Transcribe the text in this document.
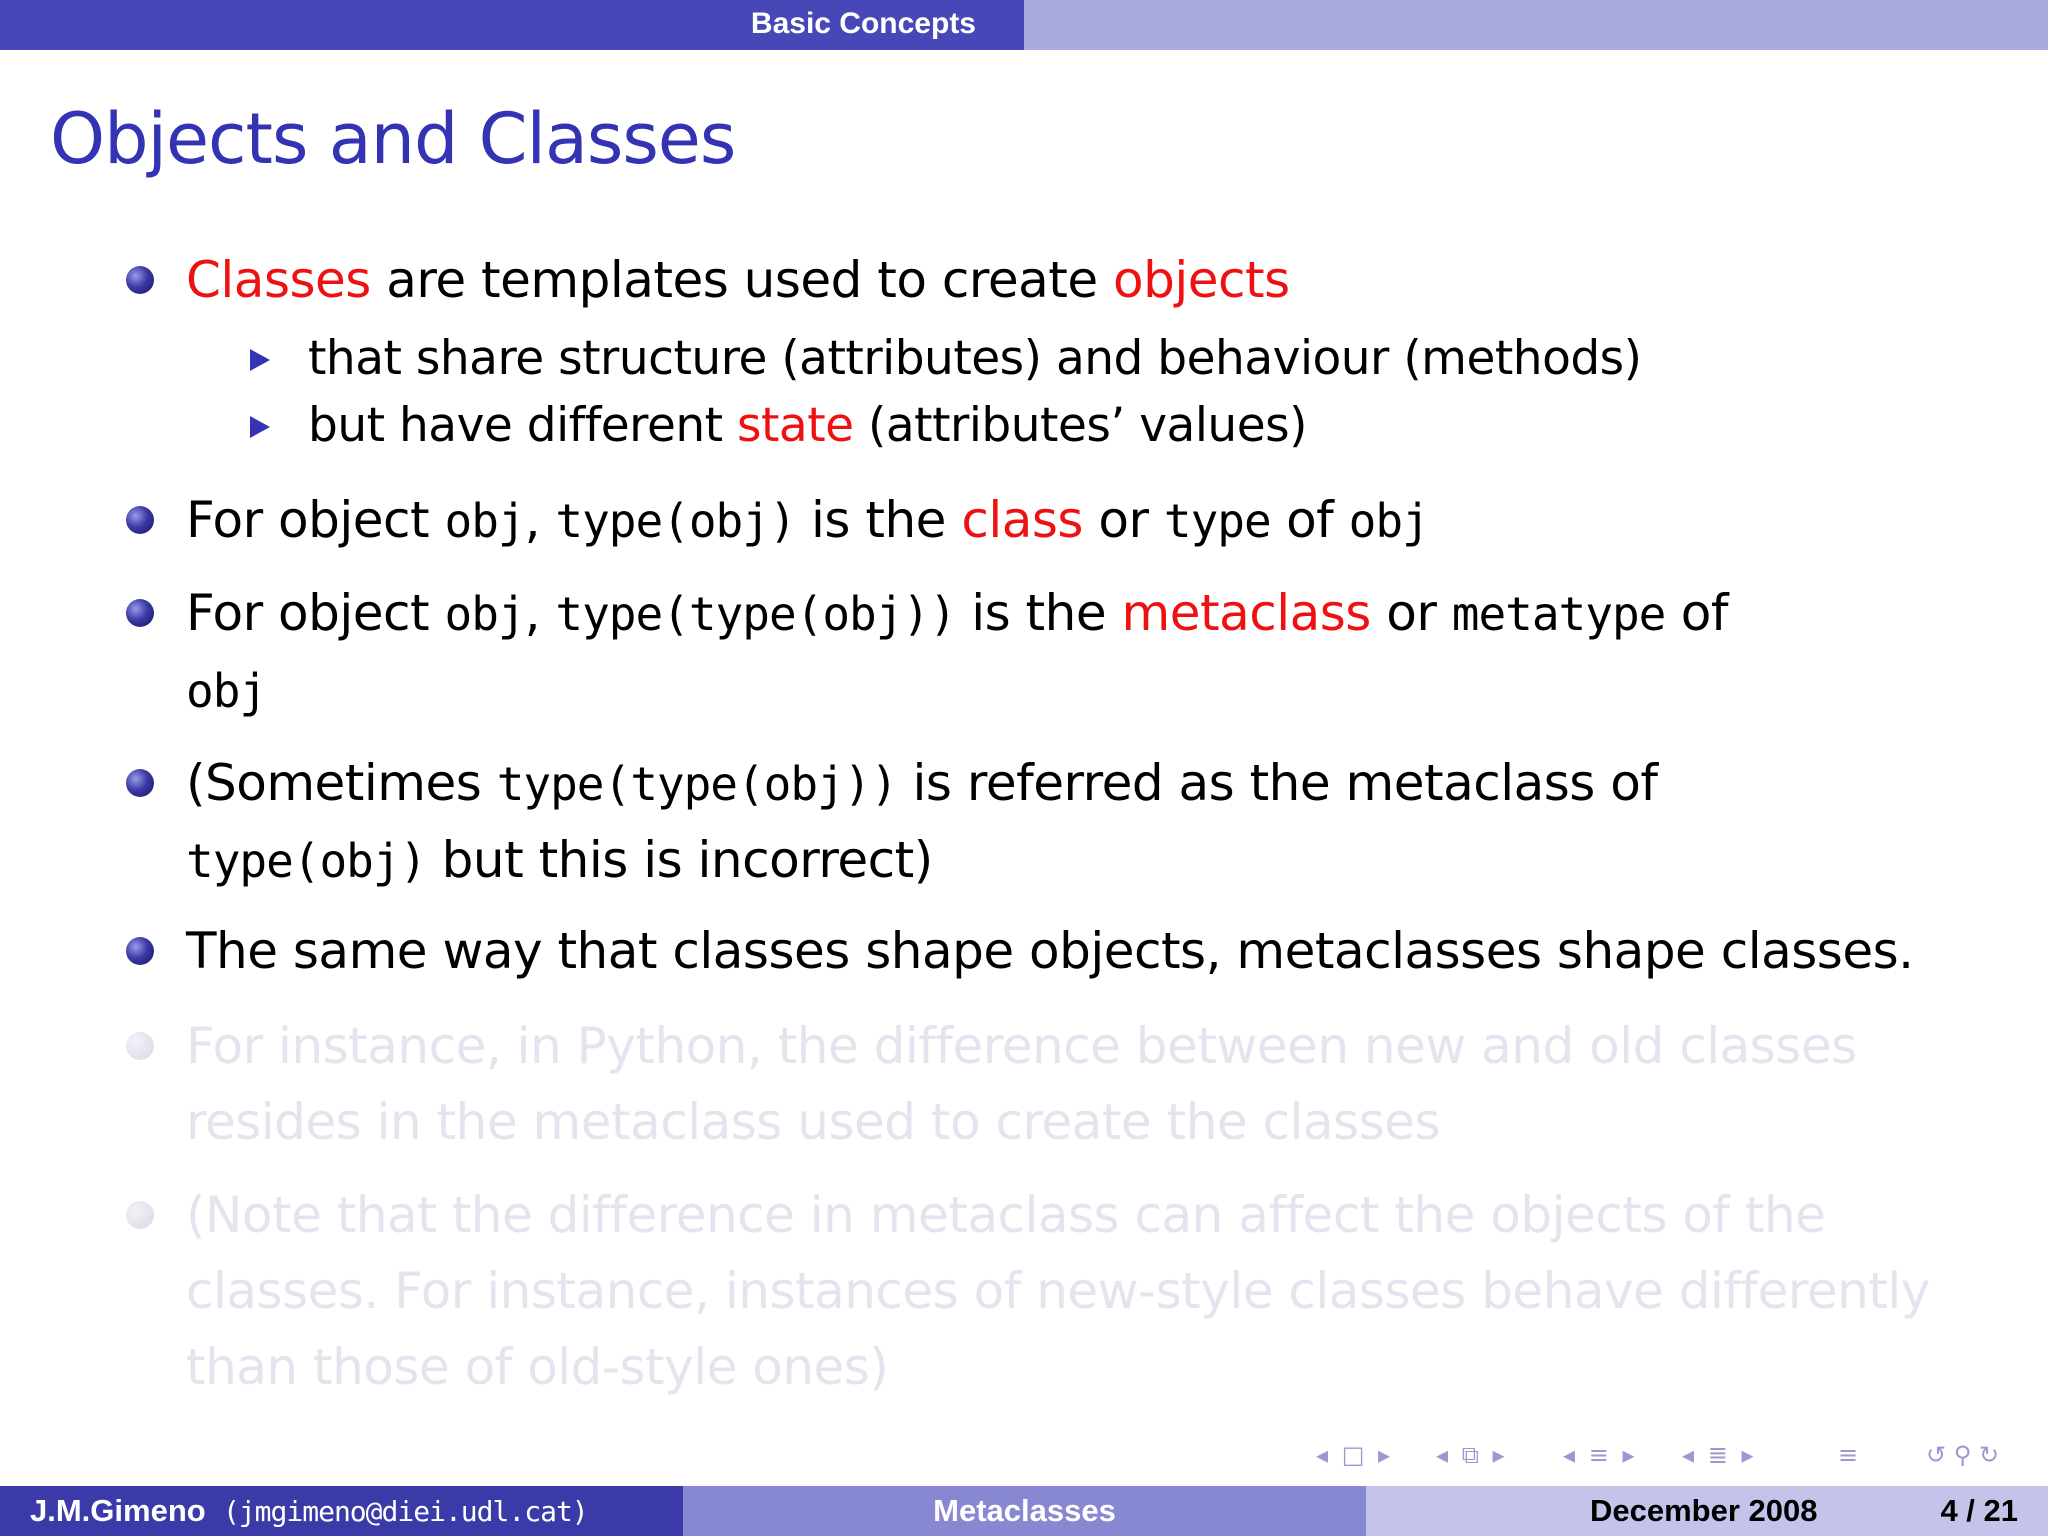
Basic Concepts
Objects and Classes
Classes are templates used to create objects
that share structure (attributes) and behaviour (methods)
but have different state (attributes’ values)
For object obj, type(obj) is the class or type of obj
For object obj, type(type(obj)) is the metaclass or metatype of
obj
(Sometimes type(type(obj)) is referred as the metaclass of
type(obj) but this is incorrect)
The same way that classes shape objects, metaclasses shape classes.
For instance, in Python, the difference between new and old classes
resides in the metaclass used to create the classes
(Note that the difference in metaclass can affect the objects of the
classes. For instance, instances of new-style classes behave differently
than those of old-style ones)
◂ □ ▸ ◂ ⧉ ▸ ◂ ≡ ▸ ◂ ≣ ▸	≡	↺ ⚲ ↻
J.M.Gimeno (jmgimeno@diei.udl.cat)	Metaclasses	December 2008	4 / 21
